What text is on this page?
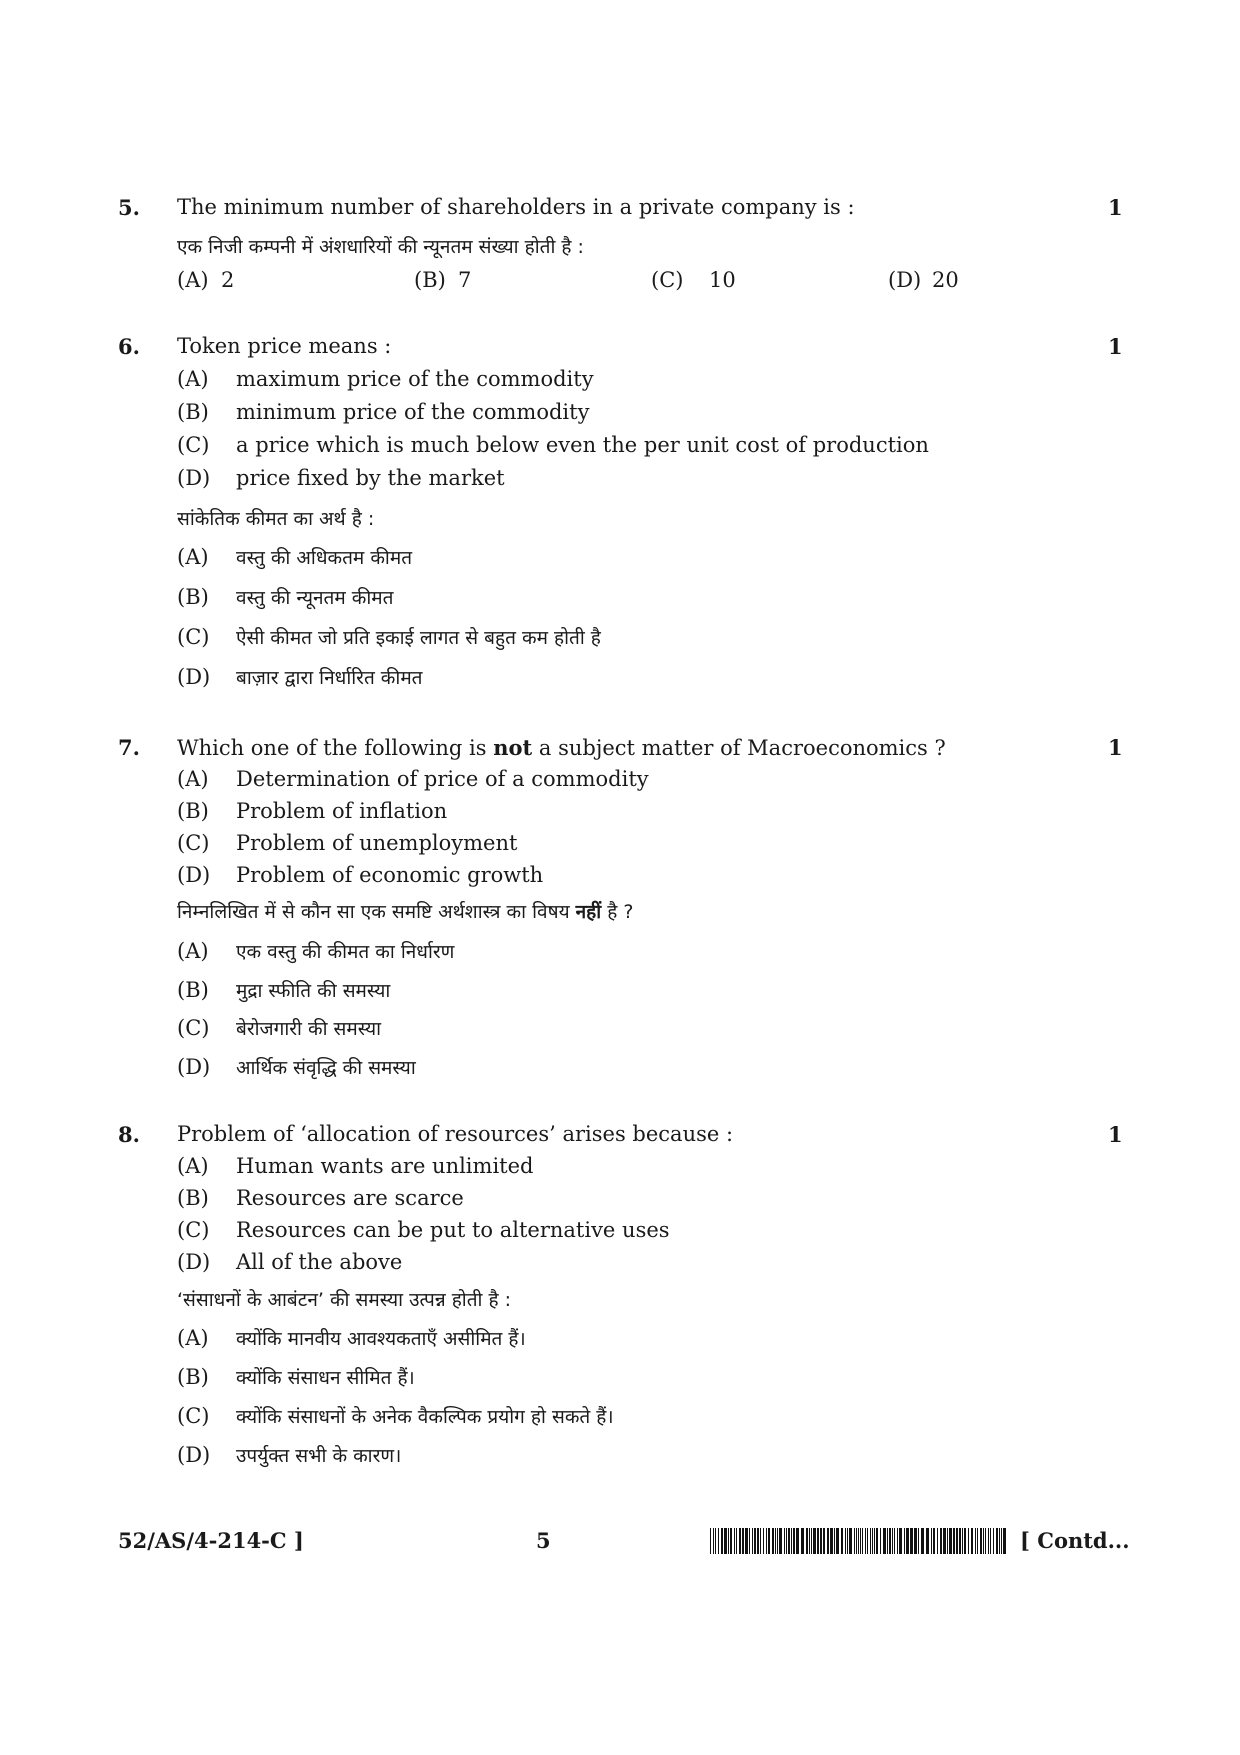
5.	1
The minimum number of shareholders in a private company is :
एक निजी कम्पनी में अंशधारियों की न्यूनतम संख्या होती है :
(A) 2	(B) 7	(C) 10	(D) 20
6.	1
Token price means :
(A) maximum price of the commodity
(B) minimum price of the commodity
(C) a price which is much below even the per unit cost of production
(D) price fixed by the market
सांकेतिक कीमत का अर्थ है :
(A) वस्तु की अधिकतम कीमत
(B) वस्तु की न्यूनतम कीमत
(C) ऐसी कीमत जो प्रति इकाई लागत से बहुत कम होती है
(D) बाज़ार द्वारा निर्धारित कीमत
7.	1
Which one of the following is not a subject matter of Macroeconomics ?
(A) Determination of price of a commodity
(B) Problem of inflation
(C) Problem of unemployment
(D) Problem of economic growth
निम्नलिखित में से कौन सा एक समष्टि अर्थशास्त्र का विषय नहीं है ?
(A) एक वस्तु की कीमत का निर्धारण
(B) मुद्रा स्फीति की समस्या
(C) बेरोजगारी की समस्या
(D) आर्थिक संवृद्धि की समस्या
8.	1
Problem of ‘allocation of resources’ arises because :
(A) Human wants are unlimited
(B) Resources are scarce
(C) Resources can be put to alternative uses
(D) All of the above
‘संसाधनों के आबंटन’ की समस्या उत्पन्न होती है :
(A) क्योंकि मानवीय आवश्यकताएँ असीमित हैं।
(B) क्योंकि संसाधन सीमित हैं।
(C) क्योंकि संसाधनों के अनेक वैकल्पिक प्रयोग हो सकते हैं।
(D) उपर्युक्त सभी के कारण।
52/AS/4-214-C ]	5	[ Contd...
